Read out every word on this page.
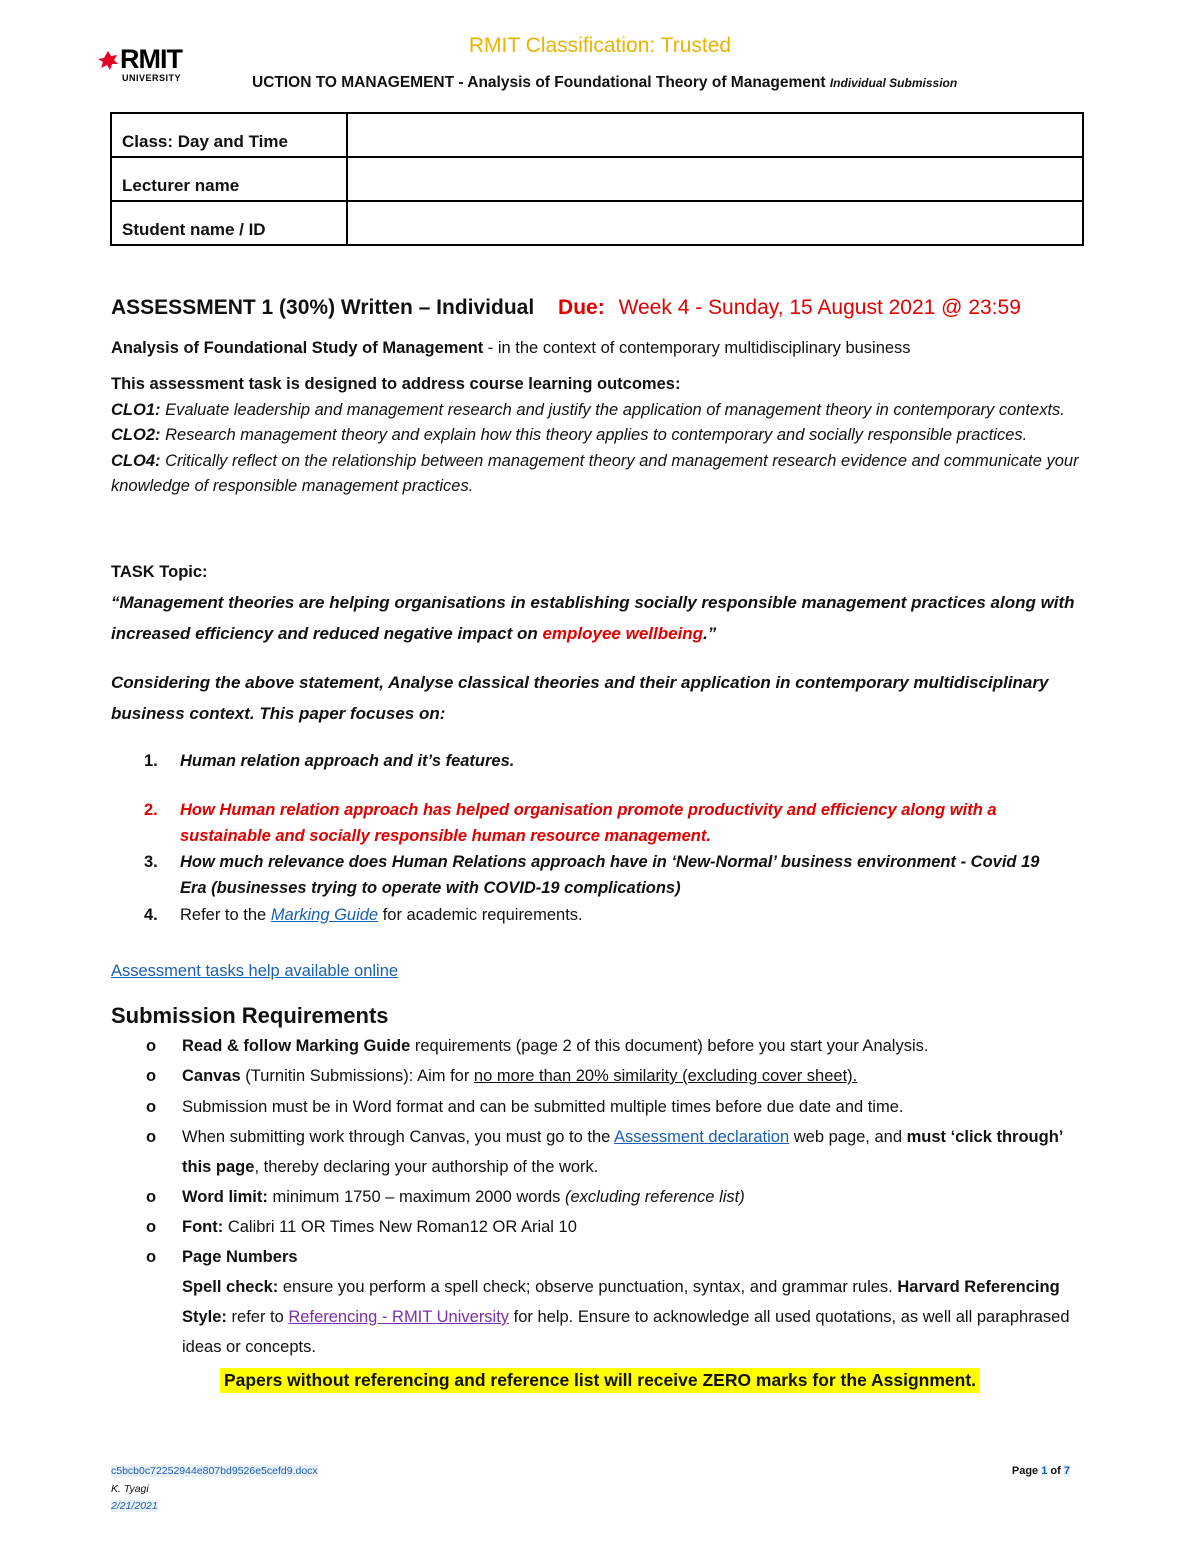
RMIT Classification: Trusted
RMIT
UNIVERSITY	UCTION TO MANAGEMENT - Analysis of Foundational Theory of Management Individual Submission
Class: Day and Time	
Lecturer name	
Student name / ID	
ASSESSMENT 1 (30%) Written – Individual Due: Week 4 - Sunday, 15 August 2021 @ 23:59
Analysis of Foundational Study of Management - in the context of contemporary multidisciplinary business
This assessment task is designed to address course learning outcomes:
CLO1: Evaluate leadership and management research and justify the application of management theory in contemporary contexts.
CLO2: Research management theory and explain how this theory applies to contemporary and socially responsible practices.
CLO4: Critically reflect on the relationship between management theory and management research evidence and communicate your knowledge of responsible management practices.
TASK Topic:
“Management theories are helping organisations in establishing socially responsible management practices along with increased efficiency and reduced negative impact on employee wellbeing.”
Considering the above statement, Analyse classical theories and their application in contemporary multidisciplinary business context. This paper focuses on:
1. Human relation approach and it’s features.
2. How Human relation approach has helped organisation promote productivity and efficiency along with a sustainable and socially responsible human resource management.
3. How much relevance does Human Relations approach have in ‘New-Normal’ business environment - Covid 19 Era (businesses trying to operate with COVID-19 complications)
4. Refer to the Marking Guide for academic requirements.
Assessment tasks help available online
Submission Requirements
o Read & follow Marking Guide requirements (page 2 of this document) before you start your Analysis.
o Canvas (Turnitin Submissions): Aim for no more than 20% similarity (excluding cover sheet).
o Submission must be in Word format and can be submitted multiple times before due date and time.
o When submitting work through Canvas, you must go to the Assessment declaration web page, and must ‘click through’ this page, thereby declaring your authorship of the work.
o Word limit: minimum 1750 – maximum 2000 words (excluding reference list)
o Font: Calibri 11 OR Times New Roman12 OR Arial 10
o Page Numbers
Spell check: ensure you perform a spell check; observe punctuation, syntax, and grammar rules. Harvard Referencing Style: refer to Referencing - RMIT University for help. Ensure to acknowledge all used quotations, as well all paraphrased ideas or concepts.
Papers without referencing and reference list will receive ZERO marks for the Assignment.
c5bcb0c72252944e807bd9526e5cefd9.docx
K. Tyagi
2/21/2021
Page 1 of 7
